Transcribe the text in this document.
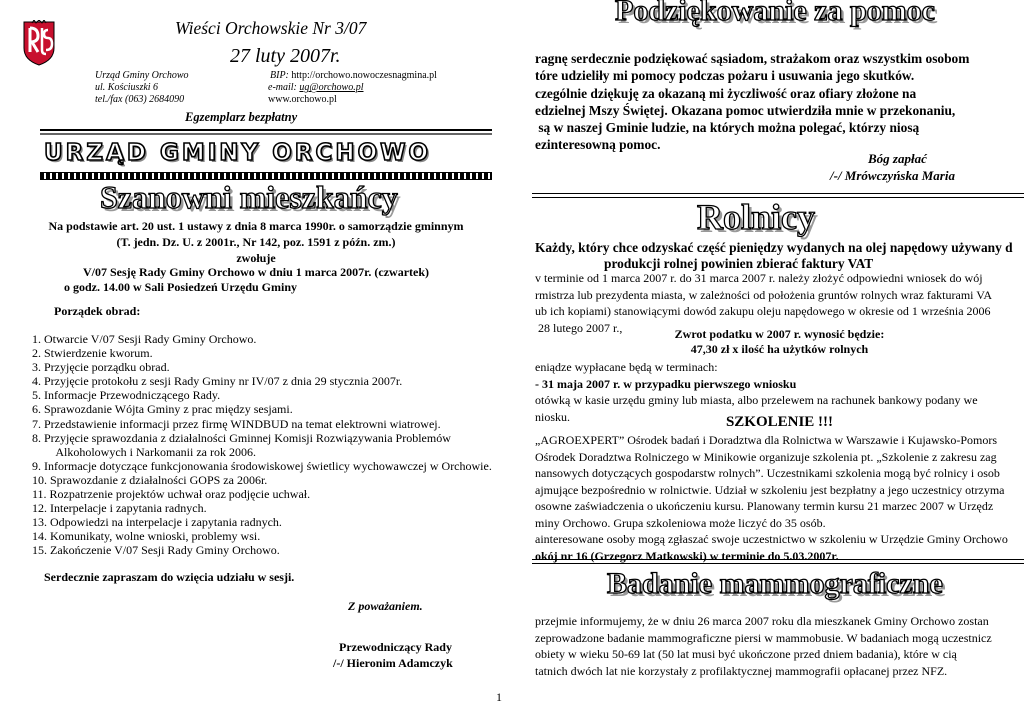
Wieści Orchowskie Nr 3/07
27 luty 2007r.
Urząd Gminy Orchowo
ul. Kościuszki 6
tel./fax (063) 2684090
BIP: http://orchowo.nowoczesnagmina.pl
e-mail: ug@orchowo.pl
www.orchowo.pl
Egzemplarz bezpłatny
URZĄD GMINY ORCHOWO
Szanowni mieszkańcy
Na podstawie art. 20 ust. 1 ustawy z dnia 8 marca 1990r. o samorządzie gminnym
(T. jedn. Dz. U. z 2001r., Nr 142, poz. 1591 z późn. zm.)
zwołuje
V/07 Sesję Rady Gminy Orchowo w dniu 1 marca 2007r. (czwartek)
o godz. 14.00 w Sali Posiedzeń Urzędu Gminy
Porządek obrad:
1. Otwarcie V/07 Sesji Rady Gminy Orchowo.
2. Stwierdzenie kworum.
3. Przyjęcie porządku obrad.
4. Przyjęcie protokołu z sesji Rady Gminy nr IV/07 z dnia 29 stycznia 2007r.
5. Informacje Przewodniczącego Rady.
6. Sprawozdanie Wójta Gminy z prac między sesjami.
7. Przedstawienie informacji przez firmę WINDBUD na temat elektrowni wiatrowej.
8. Przyjęcie sprawozdania z działalności Gminnej Komisji Rozwiązywania Problemów
Alkoholowych i Narkomanii za rok 2006.
9. Informacje dotyczące funkcjonowania środowiskowej świetlicy wychowawczej w Orchowie.
10. Sprawozdanie z działalności GOPS za 2006r.
11. Rozpatrzenie projektów uchwał oraz podjęcie uchwał.
12. Interpelacje i zapytania radnych.
13. Odpowiedzi na interpelacje i zapytania radnych.
14. Komunikaty, wolne wnioski, problemy wsi.
15. Zakończenie V/07 Sesji Rady Gminy Orchowo.
Serdecznie zapraszam do wzięcia udziału w sesji.
Z poważaniem.
Przewodniczący Rady
/-/ Hieronim Adamczyk
1
Podziękowanie za pomoc
ragnę serdecznie podziękować sąsiadom, strażakom oraz wszystkim osobom
tóre udzieliły mi pomocy podczas pożaru i usuwania jego skutków.
czególnie dziękuję za okazaną mi życzliwość oraz ofiary złożone na
edzielnej Mszy Świętej. Okazana pomoc utwierdziła mnie w przekonaniu,
są w naszej Gminie ludzie, na których można polegać, którzy niosą
ezinteresowną pomoc.
Bóg zapłać
/-/ Mrówczyńska Maria
Rolnicy
Każdy, który chce odzyskać część pieniędzy wydanych na olej napędowy używany d
produkcji rolnej powinien zbierać faktury VAT
v terminie od 1 marca 2007 r. do 31 marca 2007 r. należy złożyć odpowiedni wniosek do wój
rmistrza lub prezydenta miasta, w zależności od położenia gruntów rolnych wraz fakturami VA
ub ich kopiami) stanowiącymi dowód zakupu oleju napędowego w okresie od 1 września 2006
28 lutego 2007 r.,	Zwrot podatku w 2007 r. wynosić będzie:
47,30 zł x ilość ha użytków rolnych
eniądze wypłacane będą w terminach:
- 31 maja 2007 r. w przypadku pierwszego wniosku
otówką w kasie urzędu gminy lub miasta, albo przelewem na rachunek bankowy podany we
niosku.	SZKOLENIE !!!
„AGROEXPERT” Ośrodek badań i Doradztwa dla Rolnictwa w Warszawie i Kujawsko-Pomors
Ośrodek Doradztwa Rolniczego w Minikowie organizuje szkolenia pt. „Szkolenie z zakresu zag
nansowych dotyczących gospodarstw rolnych”. Uczestnikami szkolenia mogą być rolnicy i osob
ajmujące bezpośrednio w rolnictwie. Udział w szkoleniu jest bezpłatny a jego uczestnicy otrzyma
osowne zaświadczenia o ukończeniu kursu. Planowany termin kursu 21 marzec 2007 w Urzędz
miny Orchowo. Grupa szkoleniowa może liczyć do 35 osób.
ainteresowane osoby mogą zgłaszać swoje uczestnictwo w szkoleniu w Urzędzie Gminy Orchowo
okój nr 16 (Grzegorz Matkowski) w terminie do 5.03.2007r.
Badanie mammograficzne
przejmie informujemy, że w dniu 26 marca 2007 roku dla mieszkanek Gminy Orchowo zostan
zeprowadzone badanie mammograficzne piersi w mammobusie. W badaniach mogą uczestnicz
obiety w wieku 50-69 lat (50 lat musi być ukończone przed dniem badania), które w cią
tatnich dwóch lat nie korzystały z profilaktycznej mammografii opłacanej przez NFZ.
